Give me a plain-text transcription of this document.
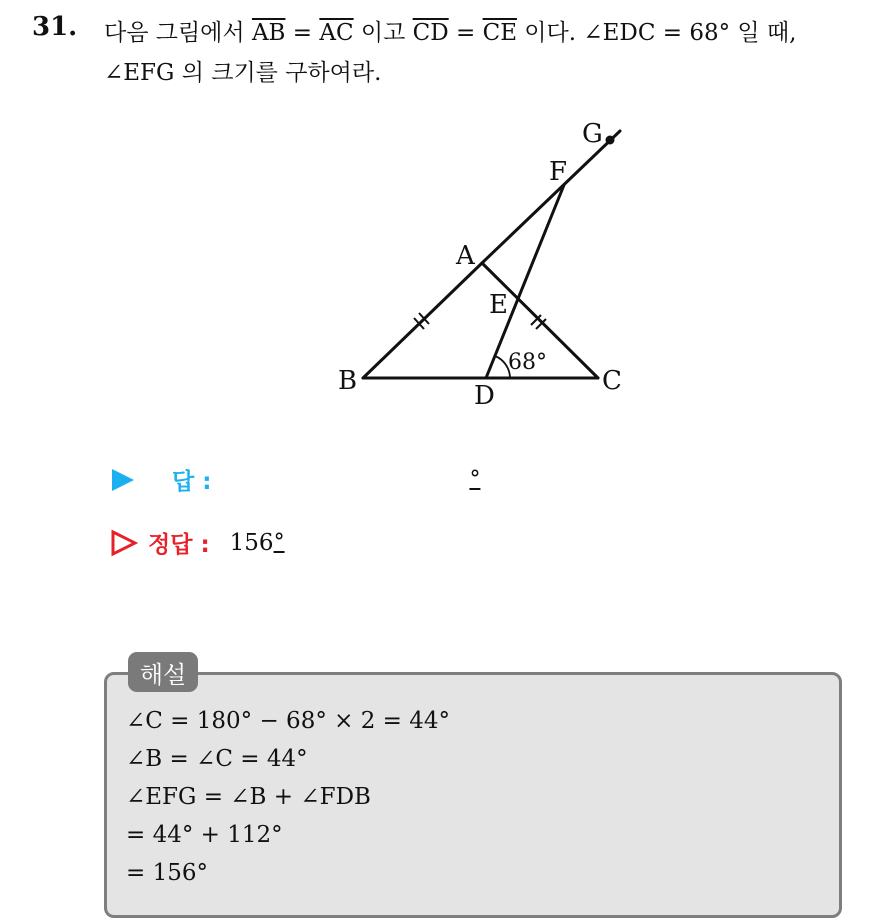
31. 다음 그림에서 $\overline{AB} = \overline{AC}$ 이고 $\overline{CD} = \overline{CE}$ 이다. ∠EDC = 68° 일 때,
∠EFG 의 크기를 구하여라.
A
B	C
D
E
F
G
68°
답 :	°
정답 : 156 °
해설
∠C = 180° − 68° × 2 = 44°
∠B = ∠C = 44°
∠EFG = ∠B + ∠FDB
= 44° + 112°
= 156°
